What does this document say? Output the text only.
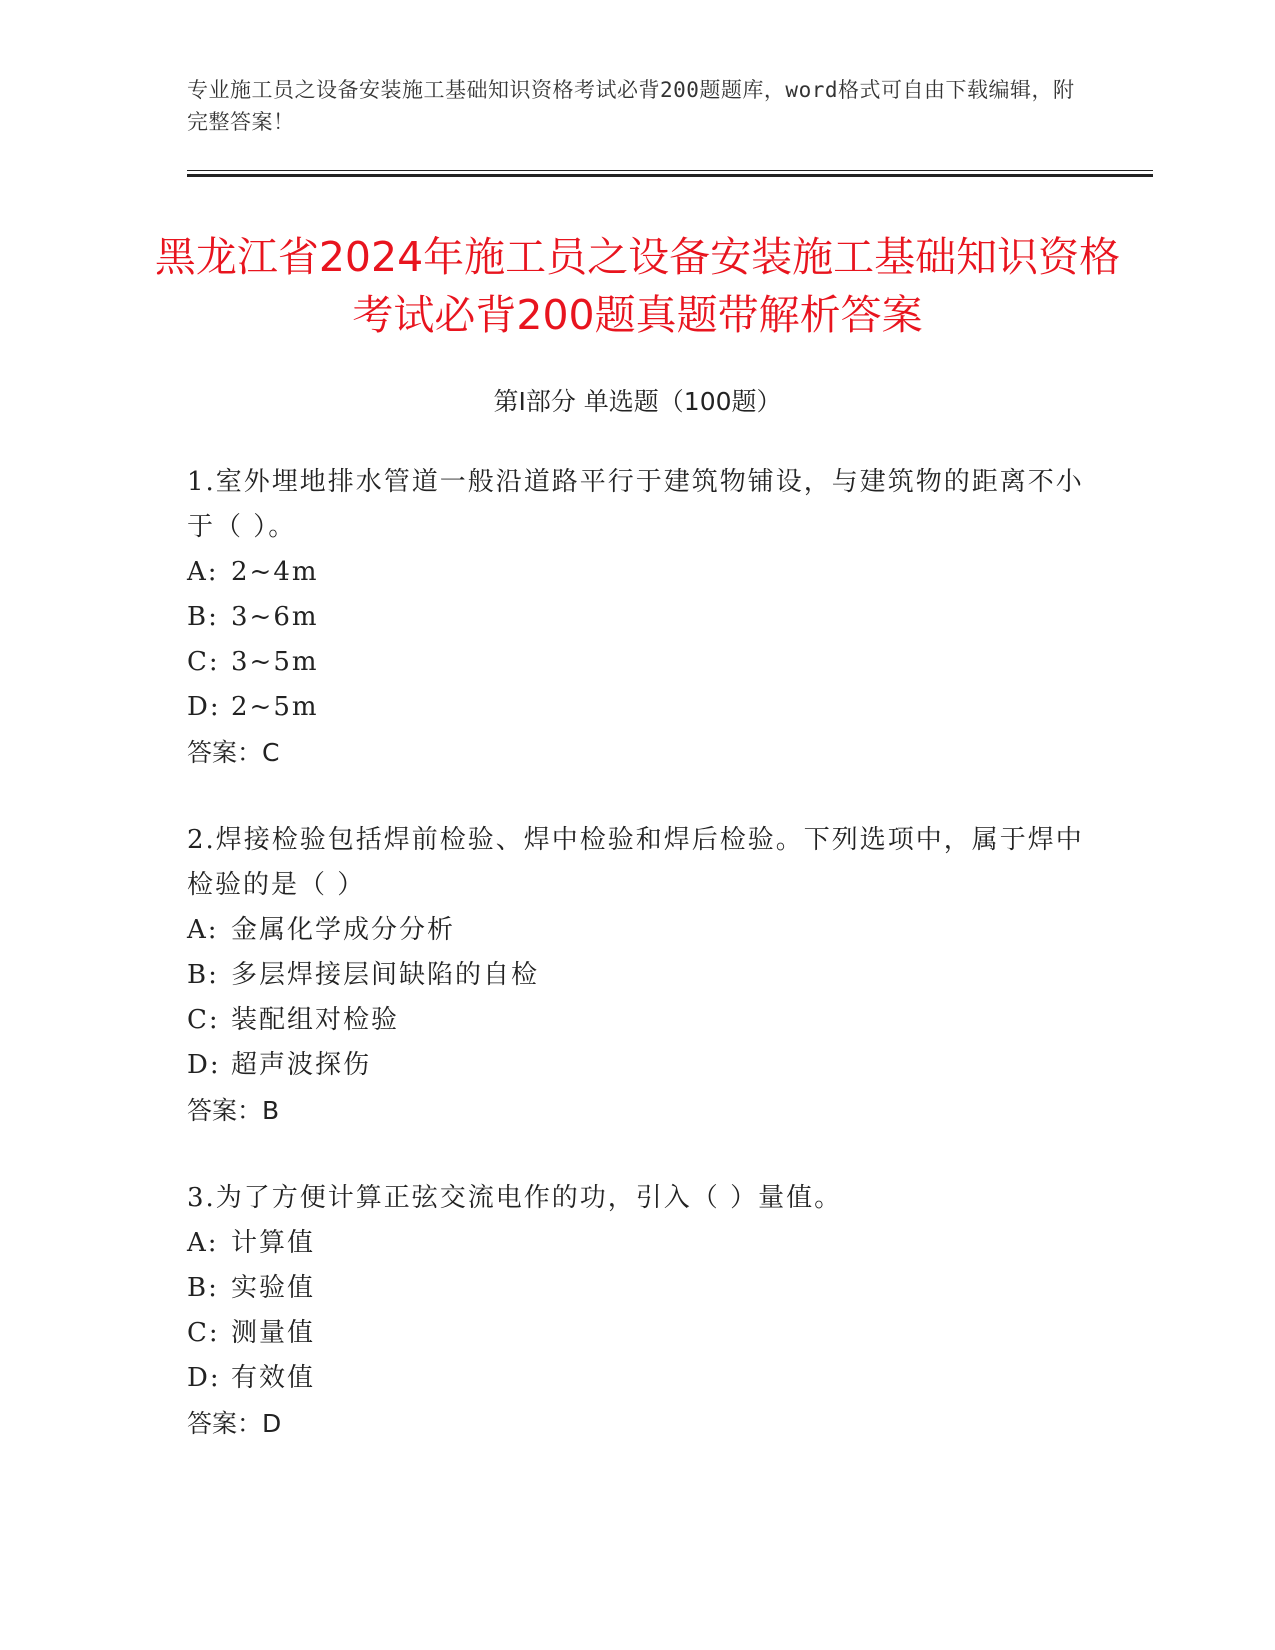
专业施工员之设备安装施工基础知识资格考试必背200题题库，word格式可自由下载编辑，附完整答案！
黑龙江省2024年施工员之设备安装施工基础知识资格考试必背200题真题带解析答案
第I部分 单选题（100题）

1.室外埋地排水管道一般沿道路平行于建筑物铺设，与建筑物的距离不小于（ ）。

A: 2~4m

B: 3~6m

C: 3~5m

D: 2~5m

答案：C

2.焊接检验包括焊前检验、焊中检验和焊后检验。下列选项中，属于焊中检验的是（ ）

A: 金属化学成分分析

B: 多层焊接层间缺陷的自检

C: 装配组对检验

D: 超声波探伤

答案：B

3.为了方便计算正弦交流电作的功，引入（ ）量值。

A: 计算值

B: 实验值

C: 测量值

D: 有效值

答案：D
